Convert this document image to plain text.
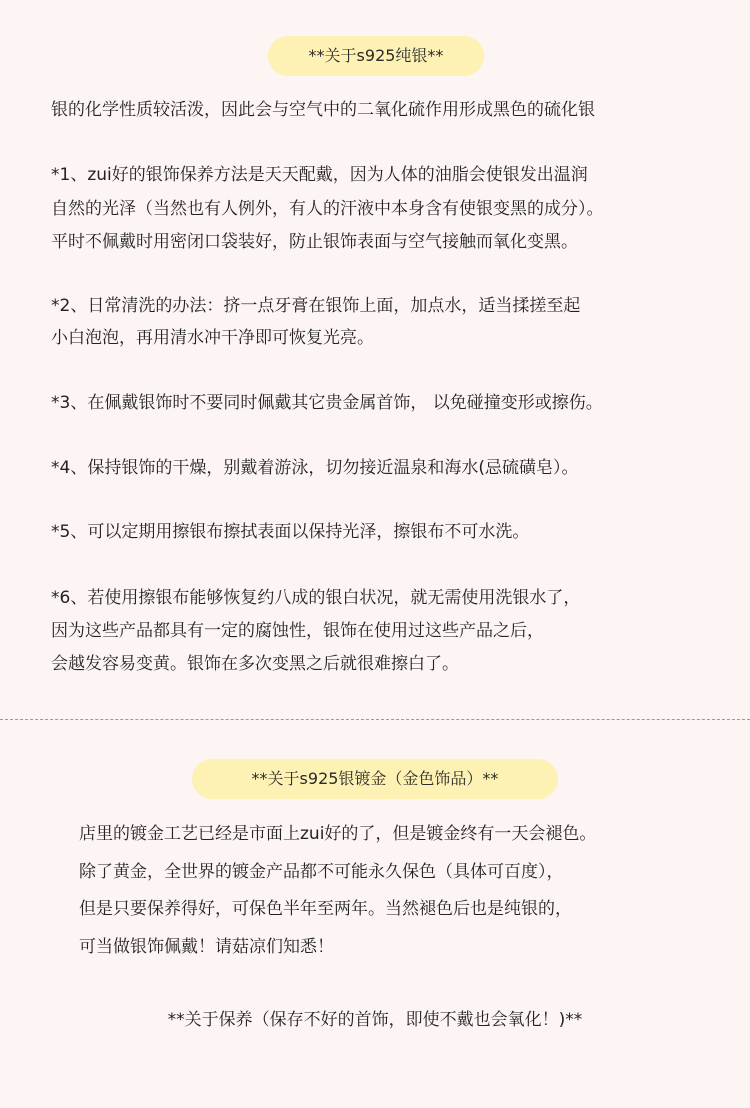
**关于s925纯银**
银的化学性质较活泼，因此会与空气中的二氧化硫作用形成黑色的硫化银
*1、zui好的银饰保养方法是天天配戴，因为人体的油脂会使银发出温润
自然的光泽（当然也有人例外，有人的汗液中本身含有使银变黑的成分）。
平时不佩戴时用密闭口袋装好，防止银饰表面与空气接触而氧化变黑。
*2、日常清洗的办法：挤一点牙膏在银饰上面，加点水，适当揉搓至起
小白泡泡，再用清水冲干净即可恢复光亮。
*3、在佩戴银饰时不要同时佩戴其它贵金属首饰， 以免碰撞变形或擦伤。
*4、保持银饰的干燥，别戴着游泳，切勿接近温泉和海水(忌硫磺皂）。
*5、可以定期用擦银布擦拭表面以保持光泽，擦银布不可水洗。
*6、若使用擦银布能够恢复约八成的银白状况，就无需使用洗银水了，
因为这些产品都具有一定的腐蚀性，银饰在使用过这些产品之后，
会越发容易变黄。银饰在多次变黑之后就很难擦白了。
**关于s925银镀金（金色饰品）**
店里的镀金工艺已经是市面上zui好的了，但是镀金终有一天会褪色。
除了黄金，全世界的镀金产品都不可能永久保色（具体可百度），
但是只要保养得好，可保色半年至两年。当然褪色后也是纯银的，
可当做银饰佩戴！请菇凉们知悉！
**关于保养（保存不好的首饰，即使不戴也会氧化！)**
